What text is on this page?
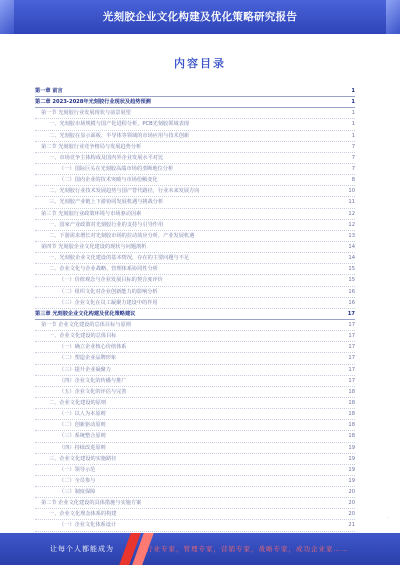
光刻胶企业文化构建及优化策略研究报告
内容目录
第一章 前言	1
第二章 2023-2028年光刻胶行业现状及趋势预测	1
第一节 光刻胶行业发展现状与前景展望	1
一、光刻胶市场规模与国产化进程分析，PCB光刻胶领域表现	1
二、光刻胶在显示面板、半导体等领域的市场应用与技术创新	1
第二节 光刻胶行业竞争格局与发展趋势分析	7
一、市场竞争主体构成及国内外企业发展水平对比	7
（一）国际巨头在光刻胶高端市场的垄断地位分析	7
（二）国内企业的技术突破与市场份额变化	8
二、光刻胶行业技术发展趋势与国产替代路径，行业未来发展方向	10
三、光刻胶产业链上下游协同发展机遇与挑战分析	11
第三节 光刻胶行业政策环境与市场驱动因素	12
一、国家产业政策对光刻胶行业的支持与引导作用	12
二、下游需求增长对光刻胶市场的拉动效应分析，产业发展机遇	13
第四节 光刻胶企业文化建设的现状与问题剖析	14
一、光刻胶企业文化建设的基本情况，存在的主要问题与不足	14
二、企业文化与企业战略、管理体系协同性分析	15
（一）价值观念与企业发展目标的契合度评价	15
（二）组织文化对企业创新能力的影响分析	16
（三）企业文化在员工凝聚力建设中的作用	16
第三章 光刻胶企业文化构建及优化策略建议	17
第一节 企业文化建设的总体目标与原则	17
一、企业文化建设的总体目标	17
（一）确立企业核心价值体系	17
（二）塑造企业品牌形象	17
（三）提升企业凝聚力	17
（四）企业文化的传播与推广	17
（五）企业文化的评估与完善	18
二、企业文化建设的原则	18
（一）以人为本原则	18
（二）创新驱动原则	18
（三）系统整合原则	18
（四）持续改进原则	19
三、企业文化建设的实施路径	19
（一）领导示范	19
（二）全员参与	19
（三）制度保障	20
第二节 企业文化建设的具体措施与实施方案	20
一、企业文化理念体系的构建	20
（一）企业文化体系设计	21
·
让每个人都能成为	行业专家，管理专家，营销专家，战略专家，成功企业家……
